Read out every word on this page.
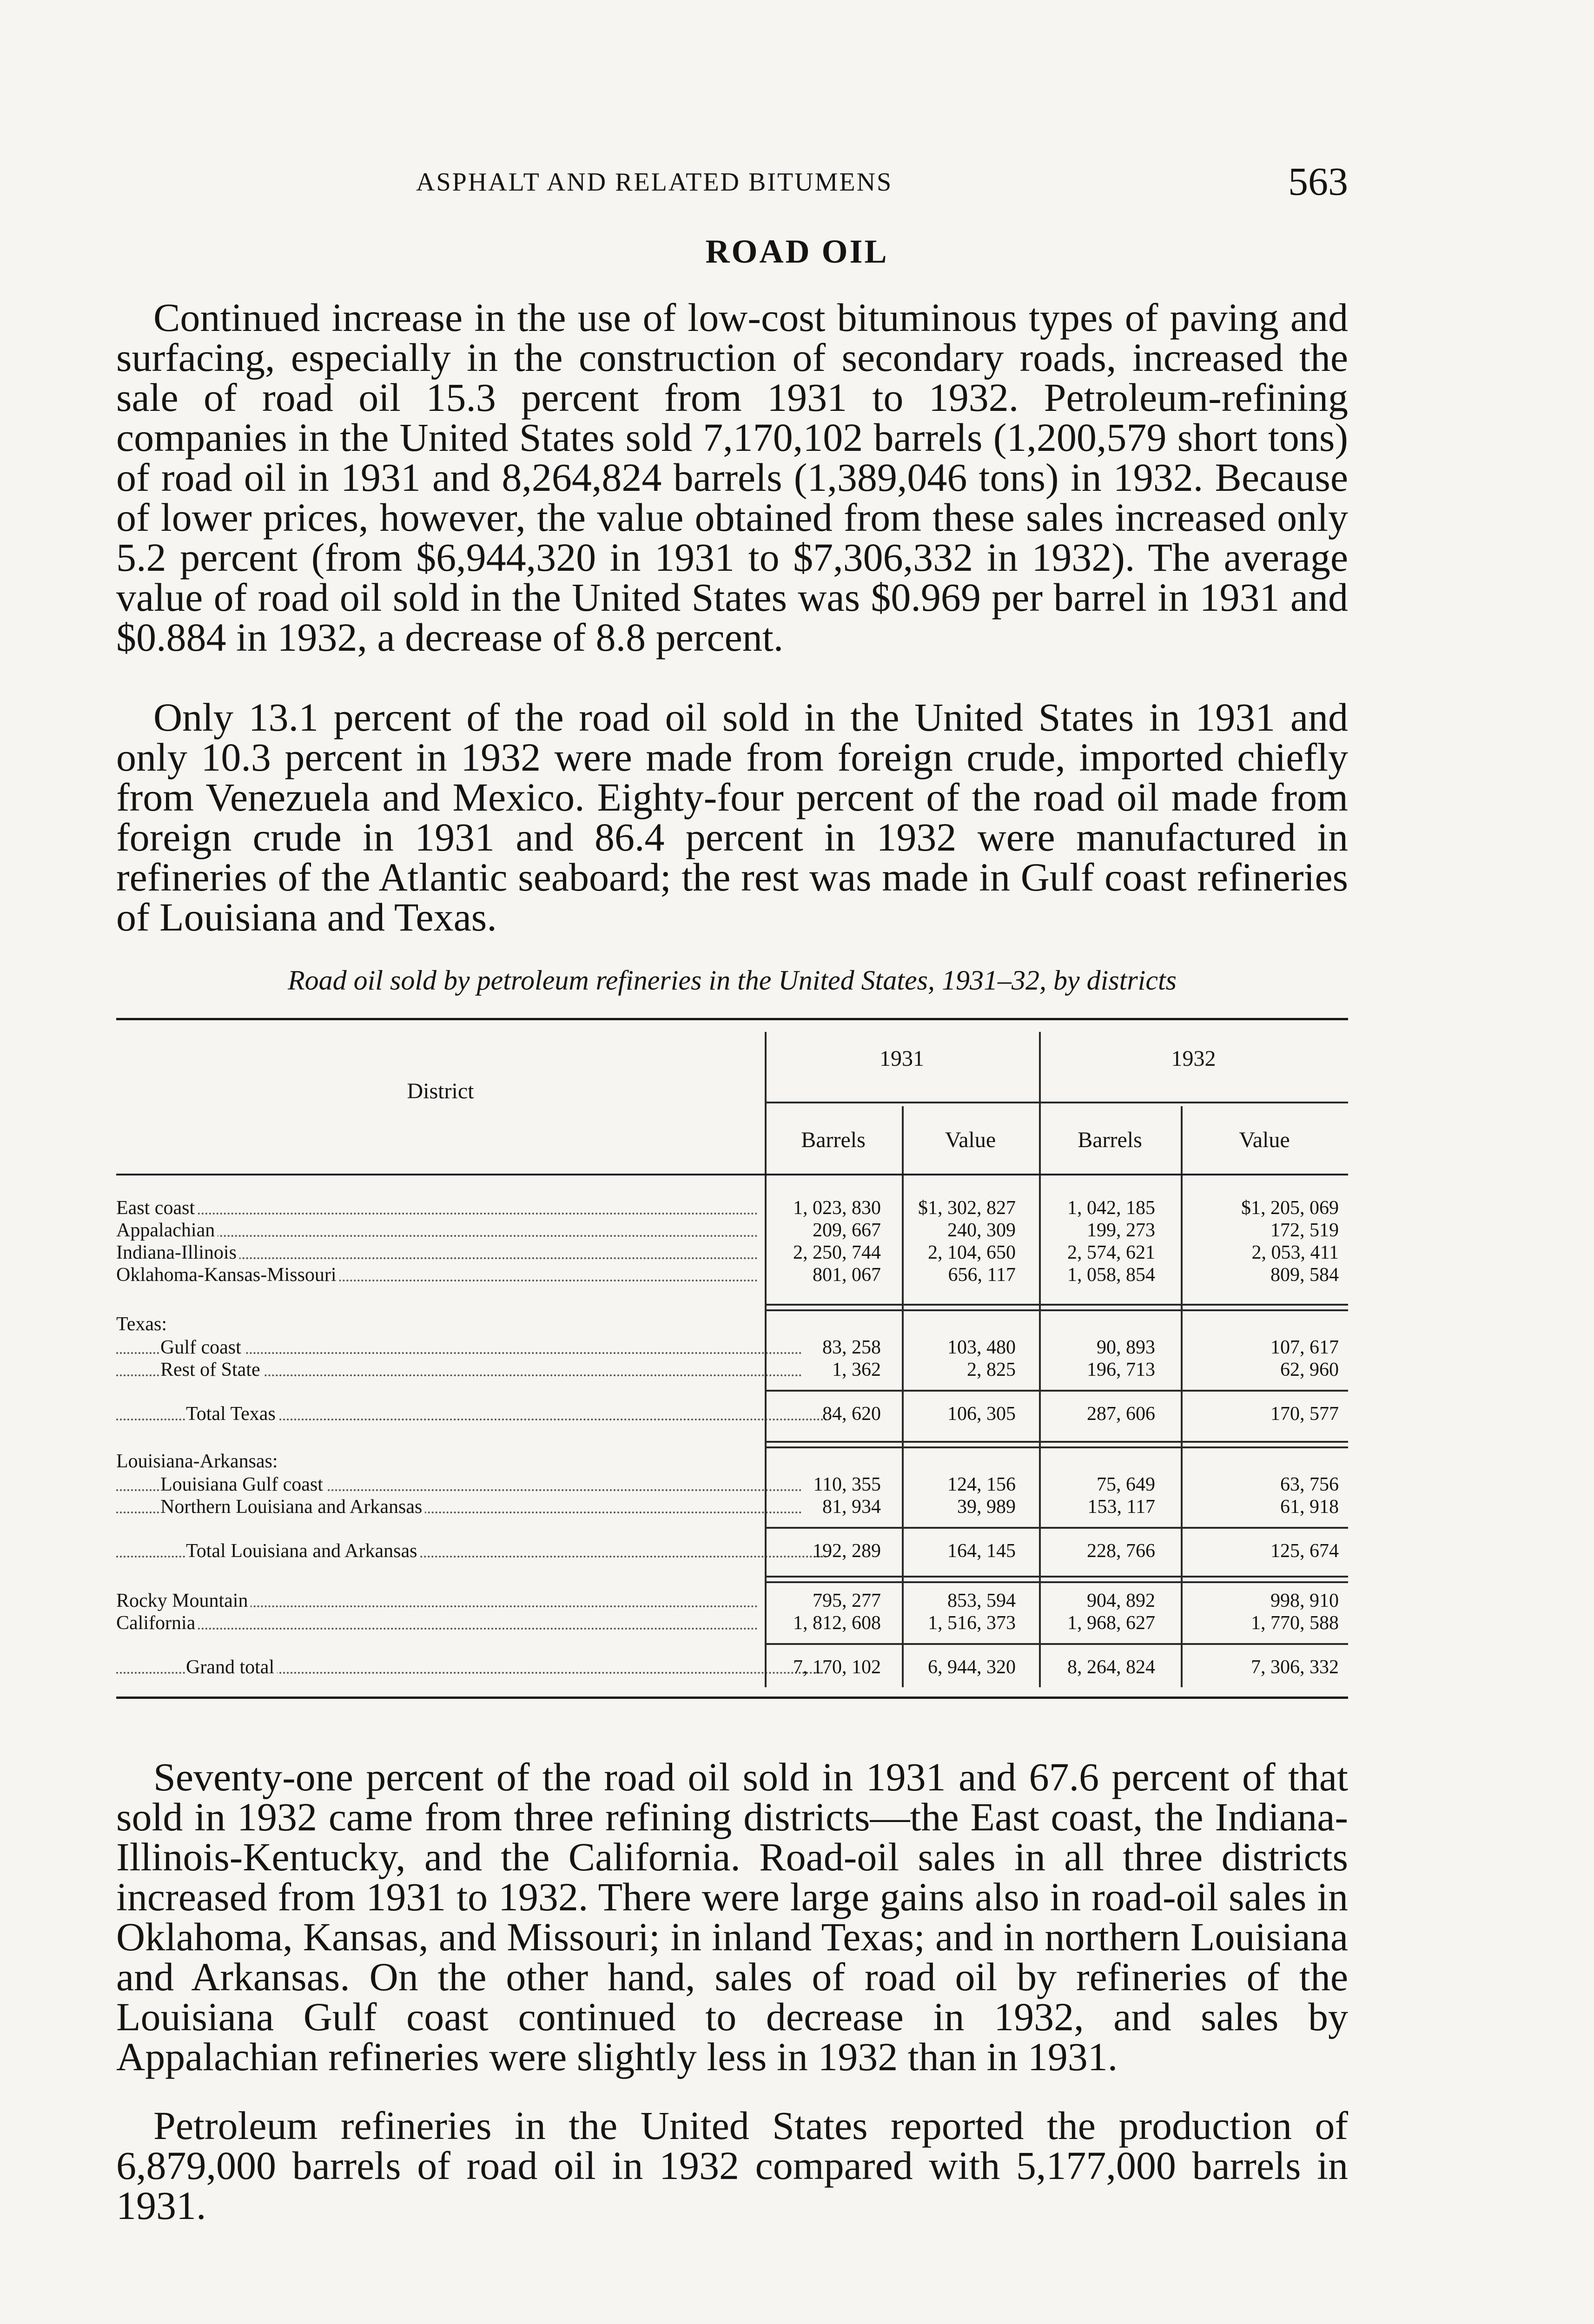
ASPHALT AND RELATED BITUMENS	563
ROAD OIL

Continued increase in the use of low-cost bituminous types of paving and surfacing, especially in the construction of secondary roads, increased the sale of road oil 15.3 percent from 1931 to 1932. Petroleum-refining companies in the United States sold 7,170,102 barrels (1,200,579 short tons) of road oil in 1931 and 8,264,824 barrels (1,389,046 tons) in 1932. Because of lower prices, however, the value obtained from these sales increased only 5.2 percent (from $6,944,320 in 1931 to $7,306,332 in 1932). The average value of road oil sold in the United States was $0.969 per barrel in 1931 and $0.884 in 1932, a decrease of 8.8 percent.

Only 13.1 percent of the road oil sold in the United States in 1931 and only 10.3 percent in 1932 were made from foreign crude, imported chiefly from Venezuela and Mexico. Eighty-four percent of the road oil made from foreign crude in 1931 and 86.4 percent in 1932 were manufactured in refineries of the Atlantic seaboard; the rest was made in Gulf coast refineries of Louisiana and Texas.

Road oil sold by petroleum refineries in the United States, 1931–32, by districts
District
1931	1932
Barrels	Value	Barrels	Value
East coast	1, 023, 830	$1, 302, 827	1, 042, 185	$1, 205, 069
Appalachian	209, 667	240, 309	199, 273	172, 519
Indiana-Illinois	2, 250, 744	2, 104, 650	2, 574, 621	2, 053, 411
Oklahoma-Kansas-Missouri	801, 067	656, 117	1, 058, 854	809, 584
Texas:
Gulf coast	83, 258	103, 480	90, 893	107, 617
Rest of State	1, 362	2, 825	196, 713	62, 960
Total Texas	84, 620	106, 305	287, 606	170, 577
Louisiana-Arkansas:
Louisiana Gulf coast	110, 355	124, 156	75, 649	63, 756
Northern Louisiana and Arkansas	81, 934	39, 989	153, 117	61, 918
Total Louisiana and Arkansas	192, 289	164, 145	228, 766	125, 674
Rocky Mountain	795, 277	853, 594	904, 892	998, 910
California	1, 812, 608	1, 516, 373	1, 968, 627	1, 770, 588
Grand total	7, 170, 102	6, 944, 320	8, 264, 824	7, 306, 332

Seventy-one percent of the road oil sold in 1931 and 67.6 percent of that sold in 1932 came from three refining districts—the East coast, the Indiana-Illinois-Kentucky, and the California. Road-oil sales in all three districts increased from 1931 to 1932. There were large gains also in road-oil sales in Oklahoma, Kansas, and Missouri; in inland Texas; and in northern Louisiana and Arkansas. On the other hand, sales of road oil by refineries of the Louisiana Gulf coast continued to decrease in 1932, and sales by Appalachian refineries were slightly less in 1932 than in 1931.

Petroleum refineries in the United States reported the production of 6,879,000 barrels of road oil in 1932 compared with 5,177,000 barrels in 1931.
